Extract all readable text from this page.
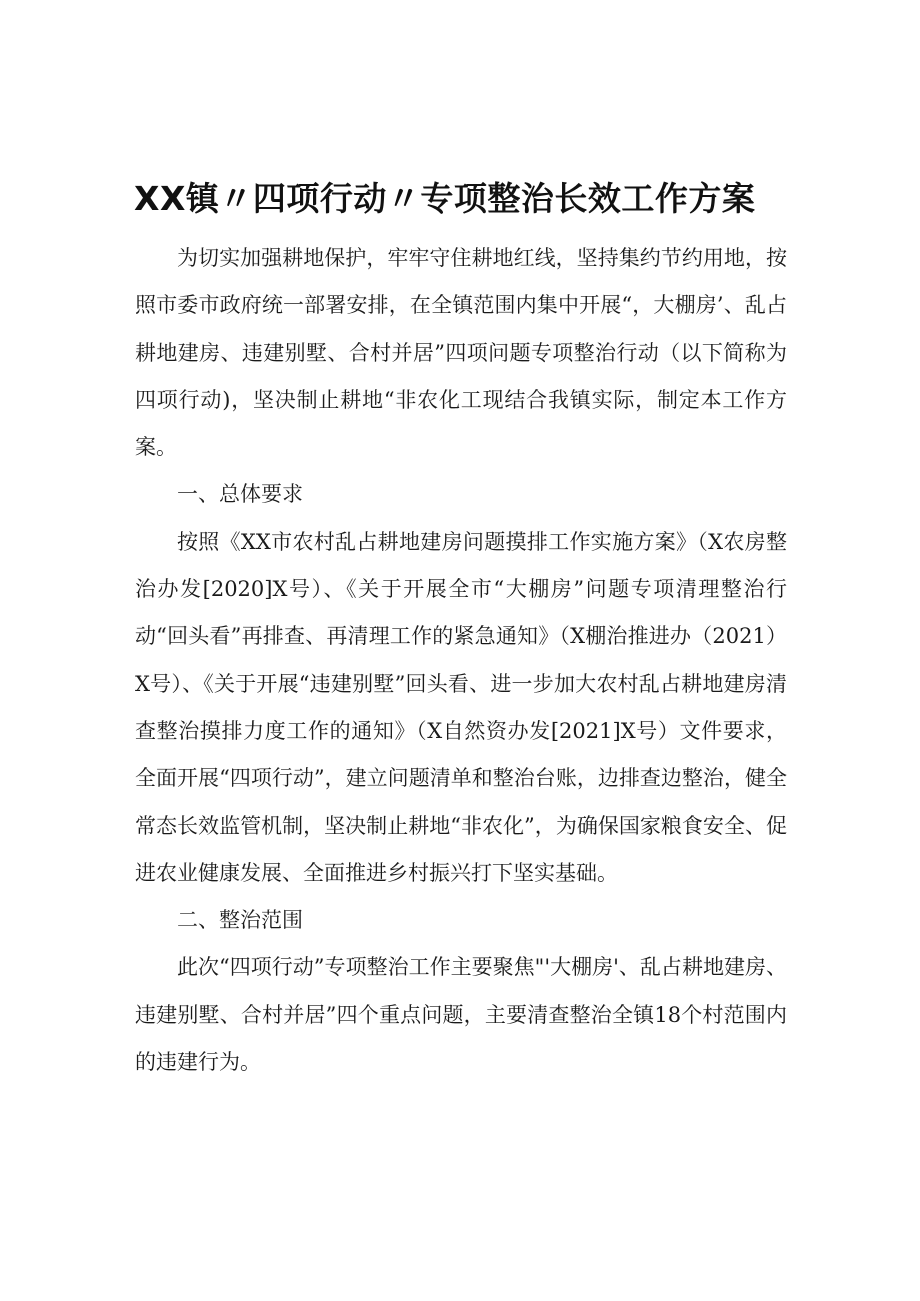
XX镇〃四项行动〃专项整治长效工作方案

为切实加强耕地保护，牢牢守住耕地红线，坚持集约节约用地，按照市委市政府统一部署安排，在全镇范围内集中开展“，大棚房’、乱占耕地建房、违建别墅、合村并居”四项问题专项整治行动（以下简称为四项行动)，坚决制止耕地“非农化工现结合我镇实际，制定本工作方案。

一、总体要求

按照《XX市农村乱占耕地建房问题摸排工作实施方案》（X农房整治办发[2020]X号）、《关于开展全市“大棚房”问题专项清理整治行动“回头看”再排查、再清理工作的紧急通知》（X棚治推进办（2021）X号）、《关于开展“违建别墅”回头看、进一步加大农村乱占耕地建房清查整治摸排力度工作的通知》（X自然资办发[2021]X号）文件要求，全面开展“四项行动”，建立问题清单和整治台账，边排查边整治，健全常态长效监管机制，坚决制止耕地“非农化”，为确保国家粮食安全、促进农业健康发展、全面推进乡村振兴打下坚实基础。

二、整治范围

此次“四项行动”专项整治工作主要聚焦"'大棚房'、乱占耕地建房、违建别墅、合村并居”四个重点问题，主要清查整治全镇18个村范围内的违建行为。
